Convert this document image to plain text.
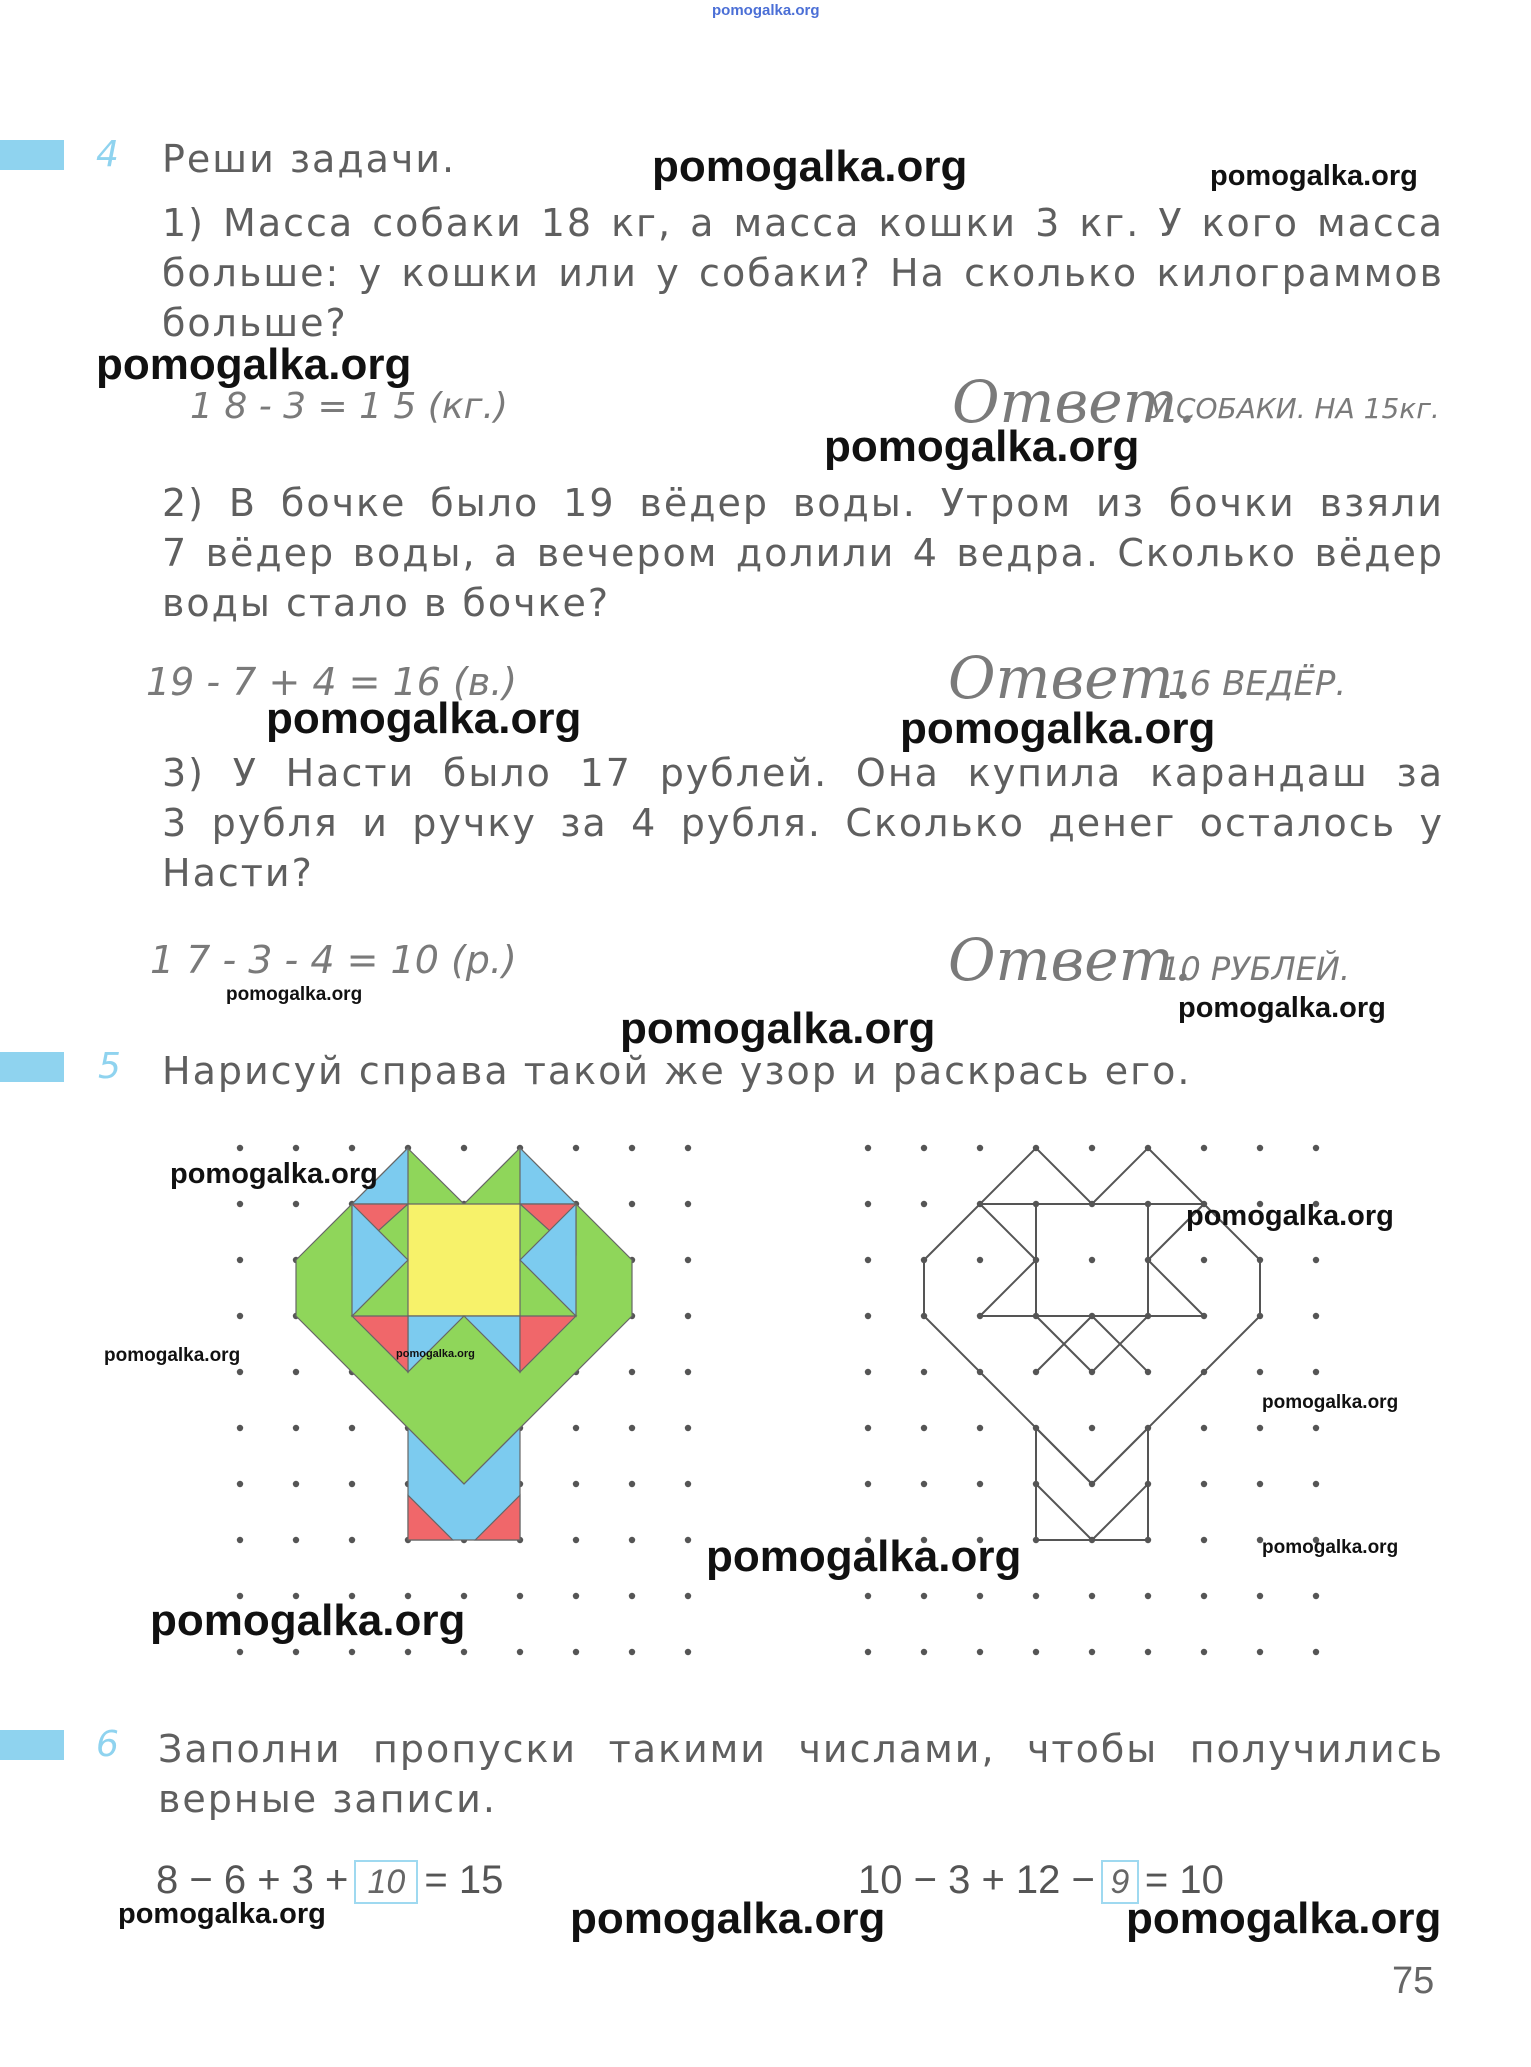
pomogalka.org
4 Реши задачи.
1) Масса собаки 18 кг, а масса кошки 3 кг. У кого масса
больше: у кошки или у собаки? На сколько килограммов
больше?
1 8 - 3 = 1 5 (кг.)	Ответ.
У СОБАКИ. НА 15кг.
2) В бочке было 19 вёдер воды. Утром из бочки взяли
7 вёдер воды, а вечером долили 4 ведра. Сколько вёдер
воды стало в бочке?
19 - 7 + 4 = 16 (в.)	Ответ.
16 ВЕДЁР.
3) У Насти было 17 рублей. Она купила карандаш за
3 рубля и ручку за 4 рубля. Сколько денег осталось у
Насти?
1 7 - 3 - 4 = 10 (р.)	Ответ.
10 РУБЛЕЙ.
5 Нарисуй справа такой же узор и раскрась его.
6 Заполни пропуски такими числами, чтобы получились
верные записи.
8 − 6 + 3 + 10 = 15	10 − 3 + 12 − 9 = 10
75
pomogalka.org	pomogalka.org
pomogalka.org
pomogalka.org
pomogalka.org	pomogalka.org
pomogalka.org
pomogalka.org	pomogalka.org
pomogalka.org
pomogalka.org
pomogalka.org	pomogalka.org
pomogalka.org
pomogalka.org
pomogalka.org
pomogalka.org
pomogalka.org	pomogalka.org	pomogalka.org
